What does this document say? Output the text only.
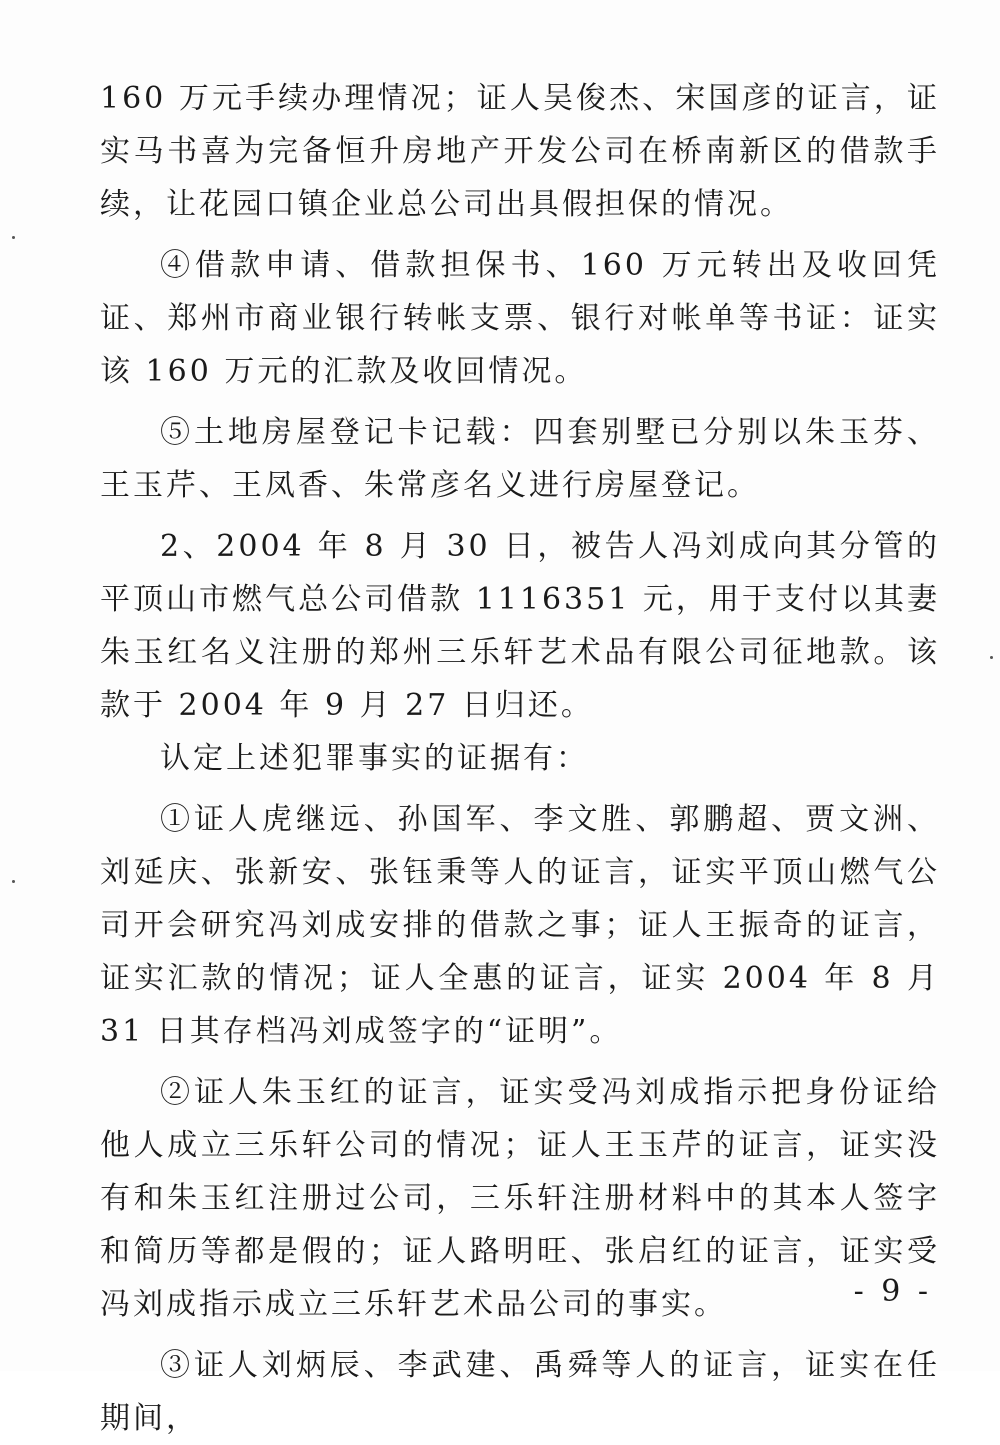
160 万元手续办理情况；证人吴俊杰、宋国彦的证言，证实马书喜为完备恒升房地产开发公司在桥南新区的借款手续，让花园口镇企业总公司出具假担保的情况。

④借款申请、借款担保书、160 万元转出及收回凭证、郑州市商业银行转帐支票、银行对帐单等书证：证实该 160 万元的汇款及收回情况。

⑤土地房屋登记卡记载：四套别墅已分别以朱玉芬、王玉芹、王凤香、朱常彦名义进行房屋登记。

2、2004 年 8 月 30 日，被告人冯刘成向其分管的平顶山市燃气总公司借款 1116351 元，用于支付以其妻朱玉红名义注册的郑州三乐轩艺术品有限公司征地款。该款于 2004 年 9 月 27 日归还。

认定上述犯罪事实的证据有：

①证人虎继远、孙国军、李文胜、郭鹏超、贾文洲、刘延庆、张新安、张钰秉等人的证言，证实平顶山燃气公司开会研究冯刘成安排的借款之事；证人王振奇的证言，证实汇款的情况；证人全惠的证言，证实 2004 年 8 月 31 日其存档冯刘成签字的“证明”。

②证人朱玉红的证言，证实受冯刘成指示把身份证给他人成立三乐轩公司的情况；证人王玉芹的证言，证实没有和朱玉红注册过公司，三乐轩注册材料中的其本人签字和简历等都是假的；证人路明旺、张启红的证言，证实受冯刘成指示成立三乐轩艺术品公司的事实。

③证人刘炳辰、李武建、禹舜等人的证言，证实在任期间，

- 9 -
